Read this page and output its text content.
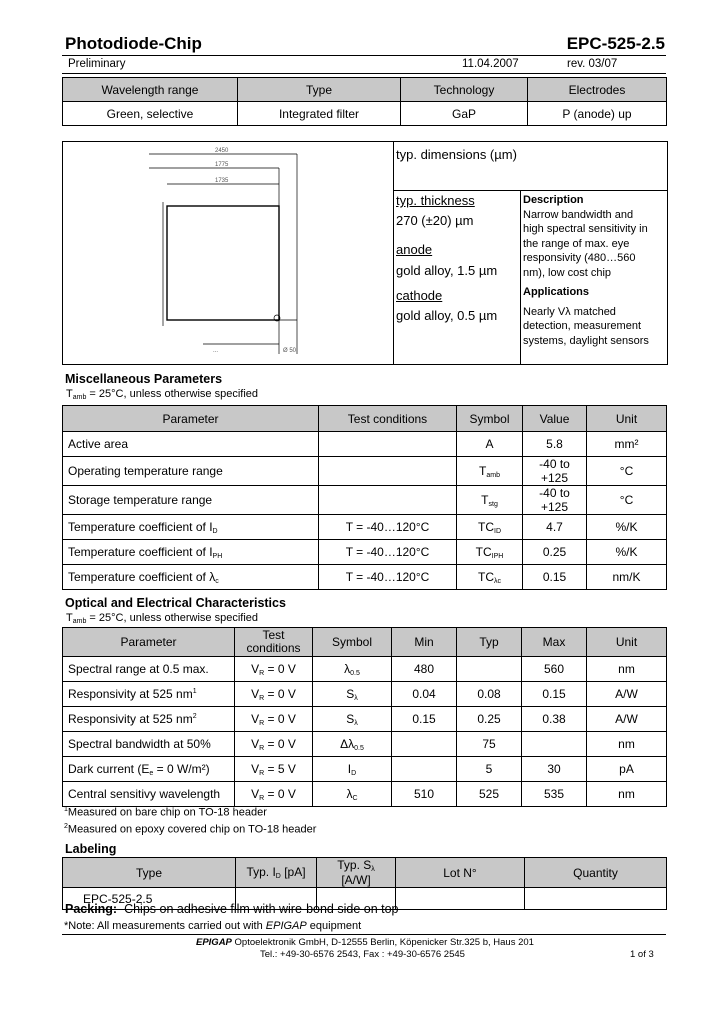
Photodiode-Chip	EPC-525-2.5
Preliminary	11.04.2007	rev. 03/07
Wavelength range	Type	Technology	Electrodes
Green, selective	Integrated filter	GaP	P (anode) up
2450
1775
1735
...	Ø 50
typ. dimensions (µm)
typ. thickness
270 (±20) µm
anode
gold alloy, 1.5 µm
cathode
gold alloy, 0.5 µm
Description
Narrow bandwidth and
high spectral sensitivity in
the range of max. eye
responsivity (480…560
nm), low cost chip
Applications
Nearly Vλ matched
detection, measurement
systems, daylight sensors
Miscellaneous Parameters
$T_{amb} = 25^\circ C$, unless otherwise specified
Parameter	Test conditions	Symbol	Value	Unit
Active area		A	5.8	mm²
Operating temperature range		$T_{amb}$	-40 to +125	°C
Storage temperature range		$T_{stg}$	-40 to +125	°C
Temperature coefficient of $I_D$	T = -40…120°C	$TC_{ID}$	4.7	%/K
Temperature coefficient of $I_{PH}$	T = -40…120°C	$TC_{IPH}$	0.25	%/K
Temperature coefficient of $\lambda_c$	T = -40…120°C	$TC_{\lambda c}$	0.15	nm/K
Optical and Electrical Characteristics
$T_{amb} = 25^\circ C$, unless otherwise specified
Parameter	Test conditions	Symbol	Min	Typ	Max	Unit
Spectral range at 0.5 max.	$V_R = 0$ V	$\lambda_{0.5}$	480		560	nm
Responsivity at 525 $nm^1$	$V_R = 0$ V	$S_\lambda$	0.04	0.08	0.15	A/W
Responsivity at 525 $nm^2$	$V_R = 0$ V	$S_\lambda$	0.15	0.25	0.38	A/W
Spectral bandwidth at 50%	$V_R = 0$ V	$\Delta\lambda_{0.5}$		75		nm
Dark current ($E_e = 0$ W/m²)	$V_R = 5$ V	$I_D$		5	30	pA
Central sensitivy wavelength	$V_R = 0$ V	$\lambda_C$	510	525	535	nm
$^1$Measured on bare chip on TO-18 header
$^2$Measured on epoxy covered chip on TO-18 header
Labeling
Type	Typ. $I_D$ [pA]	Typ. $S_\lambda$ [A/W]	Lot N°	Quantity
EPC-525-2.5				
Packing: Chips on adhesive film with wire-bond side on top
*Note: All measurements carried out with EPIGAP equipment
EPIGAP Optoelektronik GmbH, D-12555 Berlin, Köpenicker Str.325 b, Haus 201
Tel.: +49-30-6576 2543, Fax : +49-30-6576 2545	1 of 3
